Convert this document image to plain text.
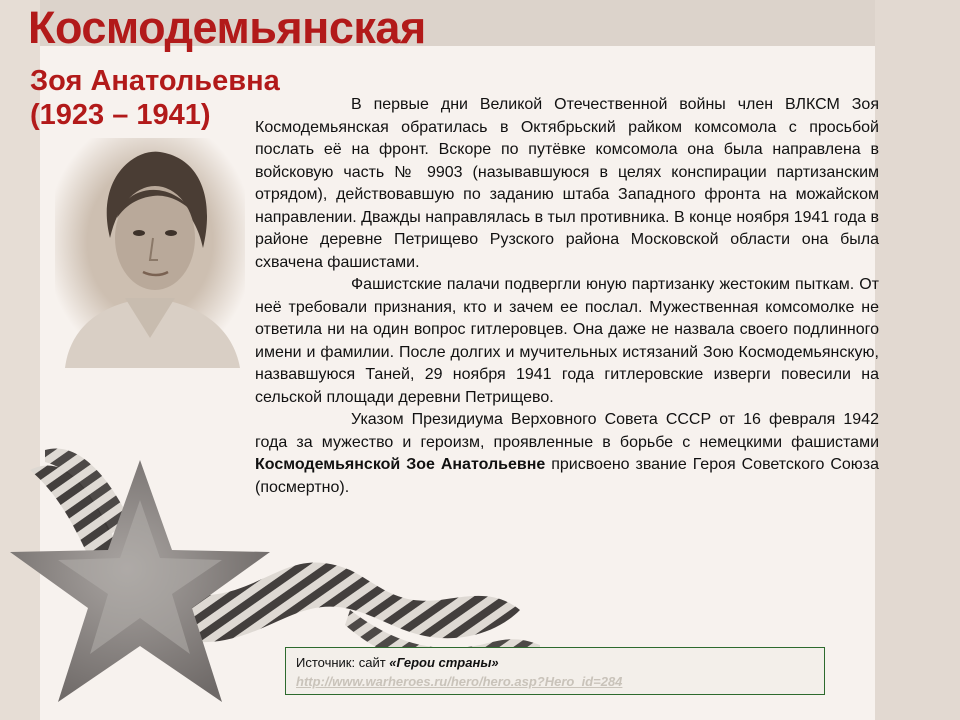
Космодемьянская
Зоя Анатольевна
(1923 – 1941)	В первые дни Великой Отечественной войны член ВЛКСМ Зоя Космодемьянская обратилась в Октябрьский райком комсомола с просьбой послать её на фронт. Вскоре по путёвке комсомола она была направлена в войсковую часть № 9903 (называвшуюся в целях конспирации партизанским отрядом), действовавшую по заданию штаба Западного фронта на можайском направлении. Дважды направлялась в тыл противника. В конце ноября 1941 года в районе деревне Петрищево Рузского района Московской области она была схвачена фашистами.

Фашистские палачи подвергли юную партизанку жестоким пыткам. От неё требовали признания, кто и зачем ее послал. Мужественная комсомолке не ответила ни на один вопрос гитлеровцев. Она даже не назвала своего подлинного имени и фамилии. После долгих и мучительных истязаний Зою Космодемьянскую, назвавшуюся Таней, 29 ноября 1941 года гитлеровские изверги повесили на сельской площади деревни Петрищево.

Указом Президиума Верховного Совета СССР от 16 февраля 1942 года за мужество и героизм, проявленные в борьбе с немецкими фашистами Космодемьянской Зое Анатольевне присвоено звание Героя Советского Союза (посмертно).

Источник: сайт «Герои страны»
http://www.warheroes.ru/hero/hero.asp?Hero_id=284
